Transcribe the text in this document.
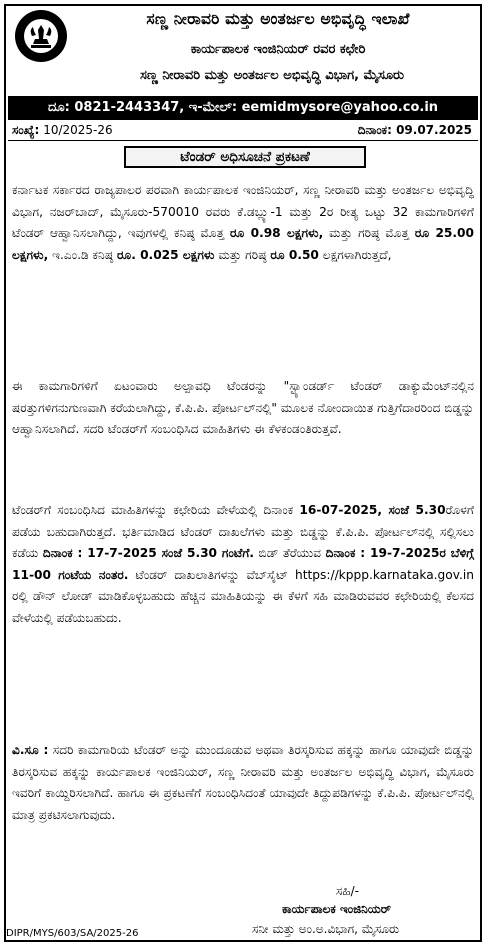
ಸಣ್ಣ ನೀರಾವರಿ ಮತ್ತು ಅಂತರ್ಜಲ ಅಭಿವೃದ್ಧಿ ಇಲಾಖೆ
ಕಾರ್ಯಪಾಲಕ ಇಂಜಿನಿಯರ್ ರವರ ಕಛೇರಿ
ಸಣ್ಣ ನೀರಾವರಿ ಮತ್ತು ಅಂತರ್ಜಲ ಅಭಿವೃದ್ಧಿ ವಿಭಾಗ, ಮೈಸೂರು
ದೂ: 0821-2443347, ಇ-ಮೇಲ್: eemidmysore@yahoo.co.in
ಸಂಖ್ಯೆ: 10/2025-26	ದಿನಾಂಕ: 09.07.2025
ಟೆಂಡರ್ ಅಧಿಸೂಚನೆ ಪ್ರಕಟಣೆ
ಕರ್ನಾಟಕ ಸರ್ಕಾರದ ರಾಜ್ಯಪಾಲರ ಪರವಾಗಿ ಕಾರ್ಯಪಾಲಕ ಇಂಜಿನಿಯರ್, ಸಣ್ಣ ನೀರಾವರಿ ಮತ್ತು ಅಂತರ್ಜಲ ಅಭಿವೃದ್ಧಿ ವಿಭಾಗ, ನಜರ್‌ಬಾದ್, ಮೈಸೂರು-570010 ರವರು ಕೆ.ಡಬ್ಲ್ಯು-1 ಮತ್ತು 2ರ ರೀತ್ಯ ಒಟ್ಟು 32 ಕಾಮಗಾರಿಗಳಿಗೆ ಟೆಂಡರ್ ಆಹ್ವಾನಿಸಲಾಗಿದ್ದು, ಇವುಗಳಲ್ಲಿ ಕನಿಷ್ಠ ಮೊತ್ತ ರೂ 0.98 ಲಕ್ಷಗಳು, ಮತ್ತು ಗರಿಷ್ಠ ಮೊತ್ತ ರೂ 25.00 ಲಕ್ಷಗಳು, ಇ.ಎಂ.ಡಿ ಕನಿಷ್ಠ ರೂ. 0.025 ಲಕ್ಷಗಳು ಮತ್ತು ಗರಿಷ್ಠ ರೂ 0.50 ಲಕ್ಷಗಳಾಗಿರುತ್ತದೆ,
ಈ ಕಾಮಗಾರಿಗಳಿಗೆ ಏಟಂವಾರು ಅಲ್ಪಾವಧಿ ಟೆಂಡರನ್ನು "ಸ್ಟ್ಯಾಂಡರ್ಡ್ ಟೆಂಡರ್ ಡಾಕ್ಯುಮೆಂಟ್‌ನಲ್ಲಿನ ಷರತ್ತುಗಳಿಗನುಗುಣವಾಗಿ ಕರೆಯಲಾಗಿದ್ದು, ಕೆ.ಪಿ.ಪಿ. ಪೋರ್ಟಲ್‌ನಲ್ಲಿ" ಮೂಲಕ ನೋಂದಾಯಿತ ಗುತ್ತಿಗೆದಾರರಿಂದ ಬಿಡ್ಡನ್ನು ಆಹ್ವಾನಿಸಲಾಗಿದೆ. ಸದರಿ ಟೆಂಡರ್‌ಗೆ ಸಂಬಂಧಿಸಿದ ಮಾಹಿತಿಗಳು ಈ ಕೆಳಕಂಡಂತಿರುತ್ತವೆ.
ಟೆಂಡರ್‌ಗೆ ಸಂಬಂಧಿಸಿದ ಮಾಹಿತಿಗಳನ್ನು ಕಛೇರಿಯ ವೇಳೆಯಲ್ಲಿ ದಿನಾಂಕ 16-07-2025, ಸಂಜೆ 5.30ರೊಳಗೆ ಪಡೆಯ ಬಹುದಾಗಿರುತ್ತದೆ. ಭರ್ತಿಮಾಡಿದ ಟೆಂಡರ್ ದಾಖಲೆಗಳು ಮತ್ತು ಬಿಡ್ಡನ್ನು ಕೆ.ಪಿ.ಪಿ. ಪೋರ್ಟಲ್‌ನಲ್ಲಿ ಸಲ್ಲಿಸಲು ಕಡೆಯ ದಿನಾಂಕ : 17-7-2025 ಸಂಜೆ 5.30 ಗಂಟೆಗೆ. ಬಿಡ್ ತೆರೆಯುವ ದಿನಾಂಕ : 19-7-2025ರ ಬೆಳಿಗ್ಗೆ 11-00 ಗಂಟೆಯ ನಂತರ. ಟೆಂಡರ್ ದಾಖಲಾತಿಗಳನ್ನು ವೆಬ್‌ಸೈಟ್ https://kppp.karnataka.gov.in ರಲ್ಲಿ ಡೌನ್ ಲೋಡ್ ಮಾಡಿಕೊಳ್ಳಬಹುದು ಹೆಚ್ಚಿನ ಮಾಹಿತಿಯನ್ನು ಈ ಕೆಳಗೆ ಸಹಿ ಮಾಡಿರುವವರ ಕಛೇರಿಯಲ್ಲಿ ಕೆಲಸದ ವೇಳೆಯಲ್ಲಿ ಪಡೆಯಬಹುದು.
ವಿ.ಸೂ : ಸದರಿ ಕಾಮಗಾರಿಯ ಟೆಂಡರ್ ಅನ್ನು ಮುಂದೂಡುವ ಅಥವಾ ತಿರಸ್ಕರಿಸುವ ಹಕ್ಕನ್ನು ಹಾಗೂ ಯಾವುದೇ ಬಿಡ್ಡನ್ನು ತಿರಸ್ಕರಿಸುವ ಹಕ್ಕನ್ನು ಕಾರ್ಯಪಾಲಕ ಇಂಜಿನಿಯರ್, ಸಣ್ಣ ನೀರಾವರಿ ಮತ್ತು ಅಂತರ್ಜಲ ಅಭಿವೃದ್ಧಿ ವಿಭಾಗ, ಮೈಸೂರು ಇವರಿಗೆ ಕಾಯ್ದಿರಿಸಲಾಗಿದೆ. ಹಾಗೂ ಈ ಪ್ರಕಟಣೆಗೆ ಸಂಬಂಧಿಸಿದಂತೆ ಯಾವುದೇ ತಿದ್ದುಪಡಿಗಳನ್ನು ಕೆ.ಪಿ.ಪಿ. ಪೋರ್ಟಲ್‌ನಲ್ಲಿ ಮಾತ್ರ ಪ್ರಕಟಿಸಲಾಗುವುದು.
ಸಹಿ/-
ಕಾರ್ಯಪಾಲಕ ಇಂಜಿನಿಯರ್
ಸನೀ ಮತ್ತು ಅಂ.ಅ.ವಿಭಾಗ, ಮೈಸೂರು
DIPR/MYS/603/SA/2025-26
